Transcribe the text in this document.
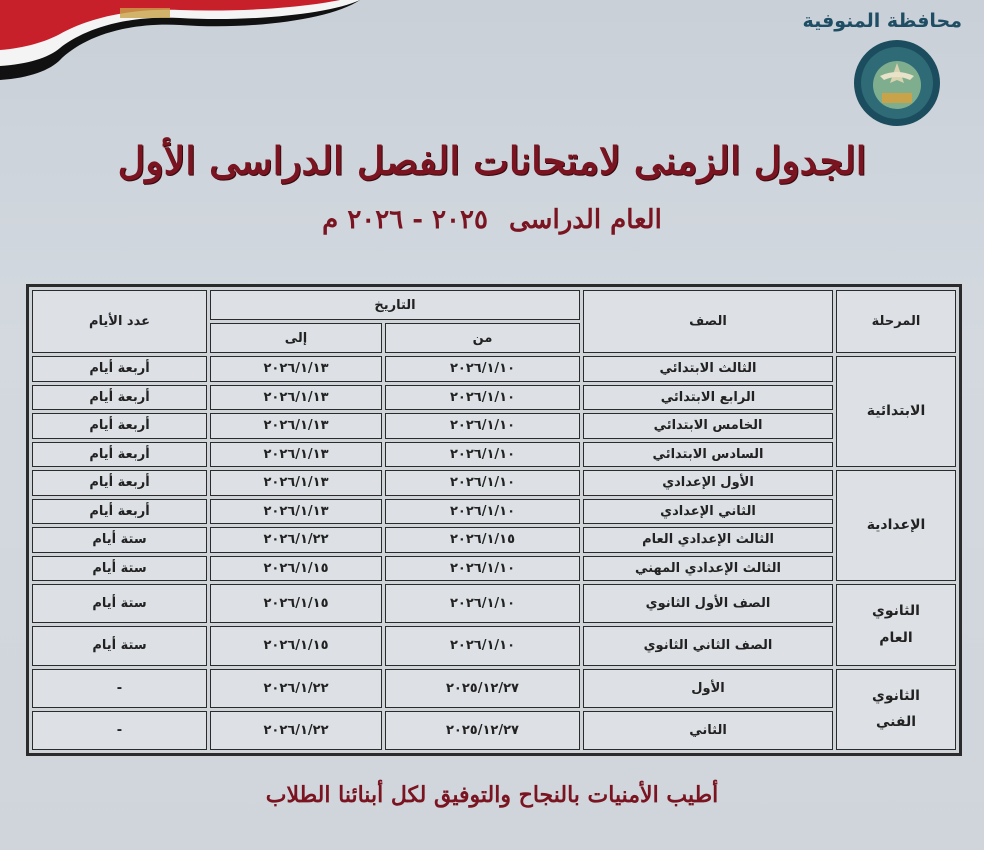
محافظة المنوفية
الجدول الزمنى لامتحانات الفصل الدراسى الأول
العام الدراسى ٢٠٢٥ - ٢٠٢٦ م
المرحلة	الصف	التاريخ		عدد الأيام
		من	إلى	
الابتدائية	الثالث الابتدائي	٢٠٢٦/١/١٠	٢٠٢٦/١/١٣	أربعة أيام
	الرابع الابتدائي	٢٠٢٦/١/١٠	٢٠٢٦/١/١٣	أربعة أيام
	الخامس الابتدائي	٢٠٢٦/١/١٠	٢٠٢٦/١/١٣	أربعة أيام
	السادس الابتدائي	٢٠٢٦/١/١٠	٢٠٢٦/١/١٣	أربعة أيام
الإعدادية	الأول الإعدادي	٢٠٢٦/١/١٠	٢٠٢٦/١/١٣	أربعة أيام
	الثاني الإعدادي	٢٠٢٦/١/١٠	٢٠٢٦/١/١٣	أربعة أيام
	الثالث الإعدادي العام	٢٠٢٦/١/١٥	٢٠٢٦/١/٢٢	ستة أيام
	الثالث الإعدادي المهني	٢٠٢٦/١/١٠	٢٠٢٦/١/١٥	ستة أيام

الثانوي
العام	الصف الأول الثانوي	٢٠٢٦/١/١٠	٢٠٢٦/١/١٥	ستة أيام
	الصف الثاني الثانوي	٢٠٢٦/١/١٠	٢٠٢٦/١/١٥	ستة أيام

الثانوي
الفني	الأول	٢٠٢٥/١٢/٢٧	٢٠٢٦/١/٢٢	-
	الثاني	٢٠٢٥/١٢/٢٧	٢٠٢٦/١/٢٢	-
أطيب الأمنيات بالنجاح والتوفيق لكل أبنائنا الطلاب
